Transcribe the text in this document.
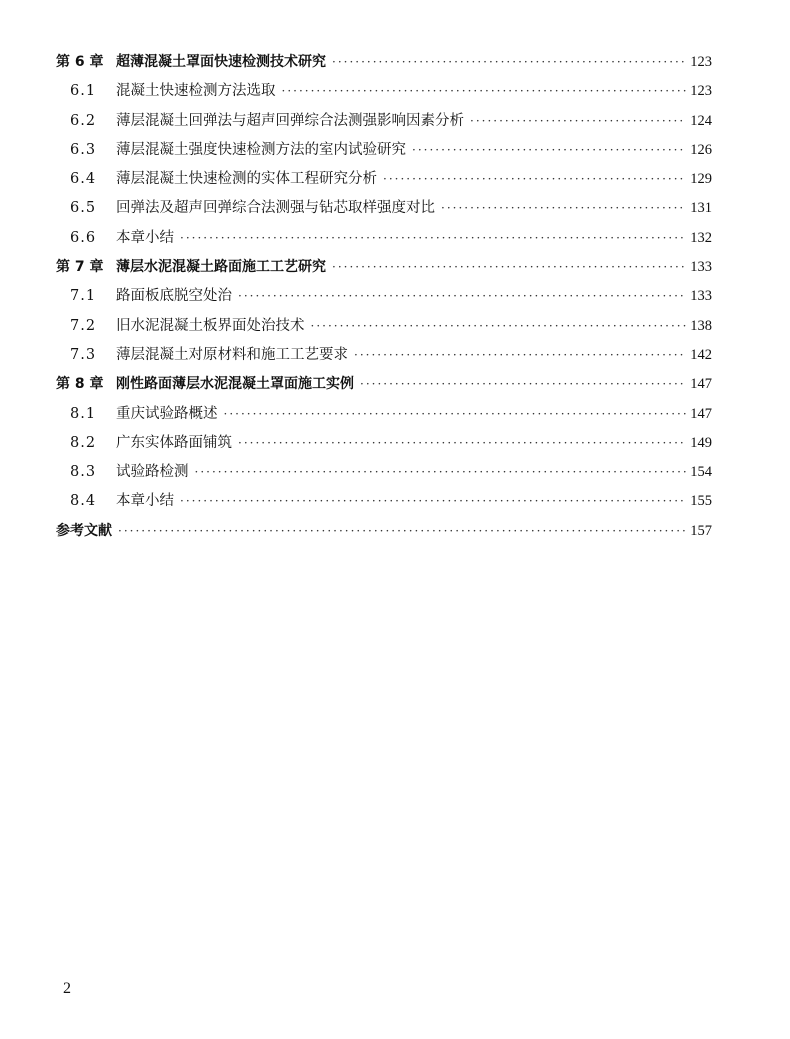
第 6 章 超薄混凝土罩面快速检测技术研究 ·····	123
6.1	混凝土快速检测方法选取 ·····	123
6.2	薄层混凝土回弹法与超声回弹综合法测强影响因素分析 ·····	124
6.3	薄层混凝土强度快速检测方法的室内试验研究 ·····	126
6.4	薄层混凝土快速检测的实体工程研究分析 ·····	129
6.5	回弹法及超声回弹综合法测强与钻芯取样强度对比 ·····	131
6.6	本章小结 ·····	132
第 7 章 薄层水泥混凝土路面施工工艺研究 ·····	133
7.1	路面板底脱空处治 ·····	133
7.2	旧水泥混凝土板界面处治技术 ·····	138
7.3	薄层混凝土对原材料和施工工艺要求 ·····	142
第 8 章 刚性路面薄层水泥混凝土罩面施工实例 ·····	147
8.1	重庆试验路概述 ·····	147
8.2	广东实体路面铺筑 ·····	149
8.3	试验路检测 ·····	154
8.4	本章小结 ·····	155
参考文献 ·····	157
2
